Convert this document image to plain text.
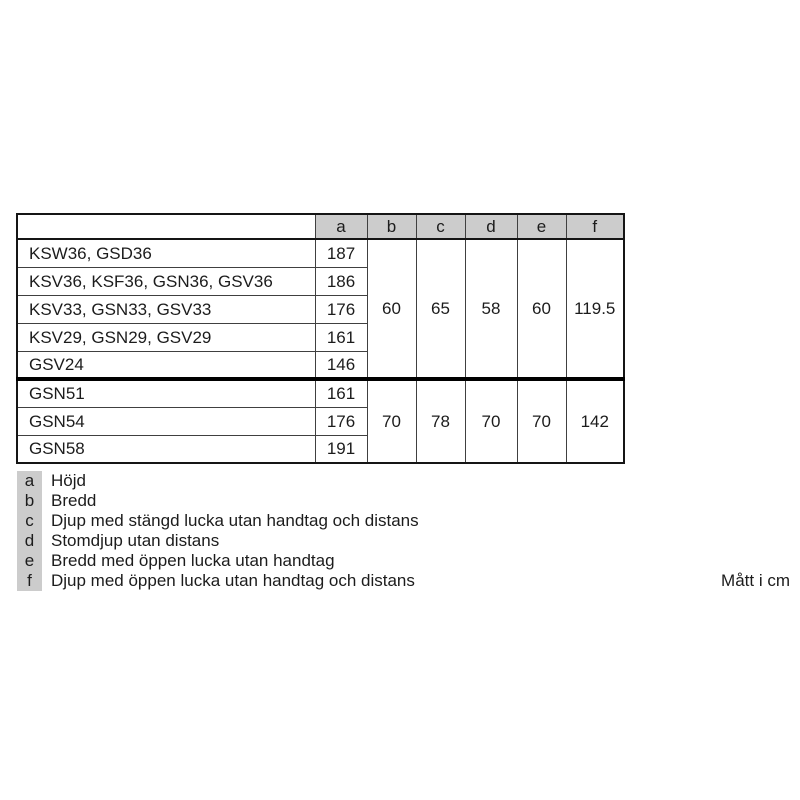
	a	b	c	d	e	f
KSW36, GSD36	187	60	65	58	60	119.5
KSV36, KSF36, GSN36, GSV36	186					
KSV33, GSN33, GSV33	176					
KSV29, GSN29, GSV29	161					
GSV24	146					
GSN51	161	70	78	70	70	142
GSN54	176					
GSN58	191					
a Höjd
b Bredd
c	Djup med stängd lucka utan handtag och distans
d Stomdjup utan distans
e Bredd med öppen lucka utan handtag
f	Djup med öppen lucka utan handtag och distans	Mått i cm
